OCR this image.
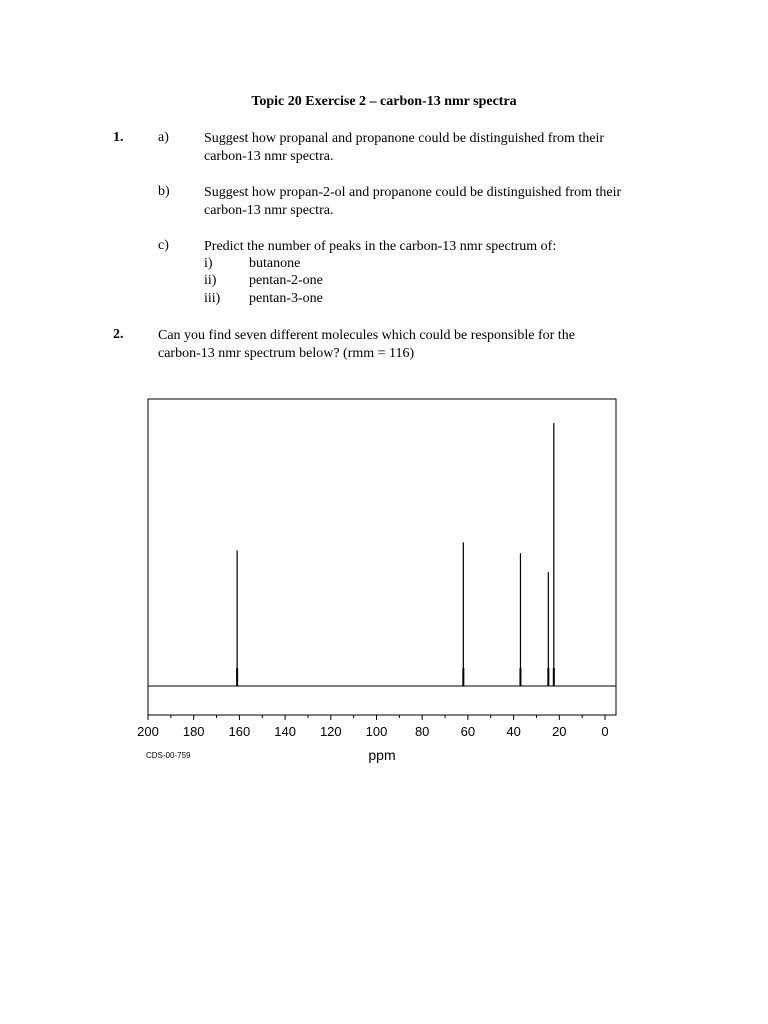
Topic 20 Exercise 2 – carbon-13 nmr spectra
1. a)	Suggest how propanal and propanone could be distinguished from their
carbon-13 nmr spectra.
b) Suggest how propan-2-ol and propanone could be distinguished from their
carbon-13 nmr spectra.
c)	Predict the number of peaks in the carbon-13 nmr spectrum of:
i)	butanone
ii) pentan-2-one
iii) pentan-3-one
2. Can you find seven different molecules which could be responsible for the
carbon-13 nmr spectrum below? (rmm = 116)
200 180 160 140 120 100 80 60 40 20	0
CDS-00-759	ppm
